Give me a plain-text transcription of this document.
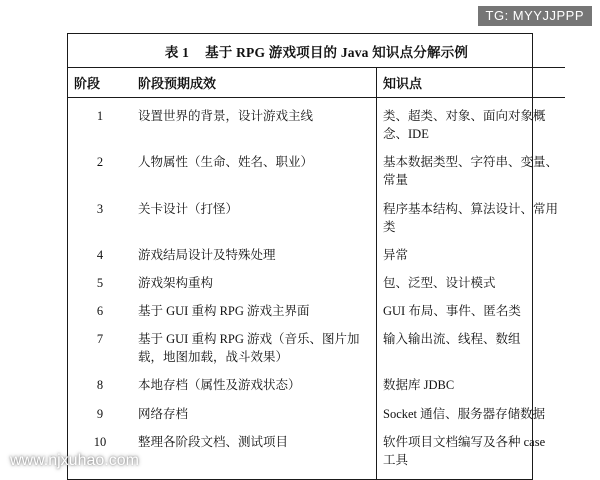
TG: MYYJJPPP
表 1 基于 RPG 游戏项目的 Java 知识点分解示例
阶段	阶段预期成效	知识点
1	设置世界的背景，设计游戏主线	类、超类、对象、面向对象概念、IDE
2	人物属性（生命、姓名、职业）	基本数据类型、字符串、变量、常量
3	关卡设计（打怪）	程序基本结构、算法设计、常用类
4	游戏结局设计及特殊处理	异常
5	游戏架构重构	包、泛型、设计模式
6	基于 GUI 重构 RPG 游戏主界面	GUI 布局、事件、匿名类
7	基于 GUI 重构 RPG 游戏（音乐、图片加载，地图加载，战斗效果）	输入输出流、线程、数组
8	本地存档（属性及游戏状态）	数据库 JDBC
9	网络存档	Socket 通信、服务器存储数据
10	整理各阶段文档、测试项目	软件项目文档编写及各种 case 工具
www.njxuhao.com
